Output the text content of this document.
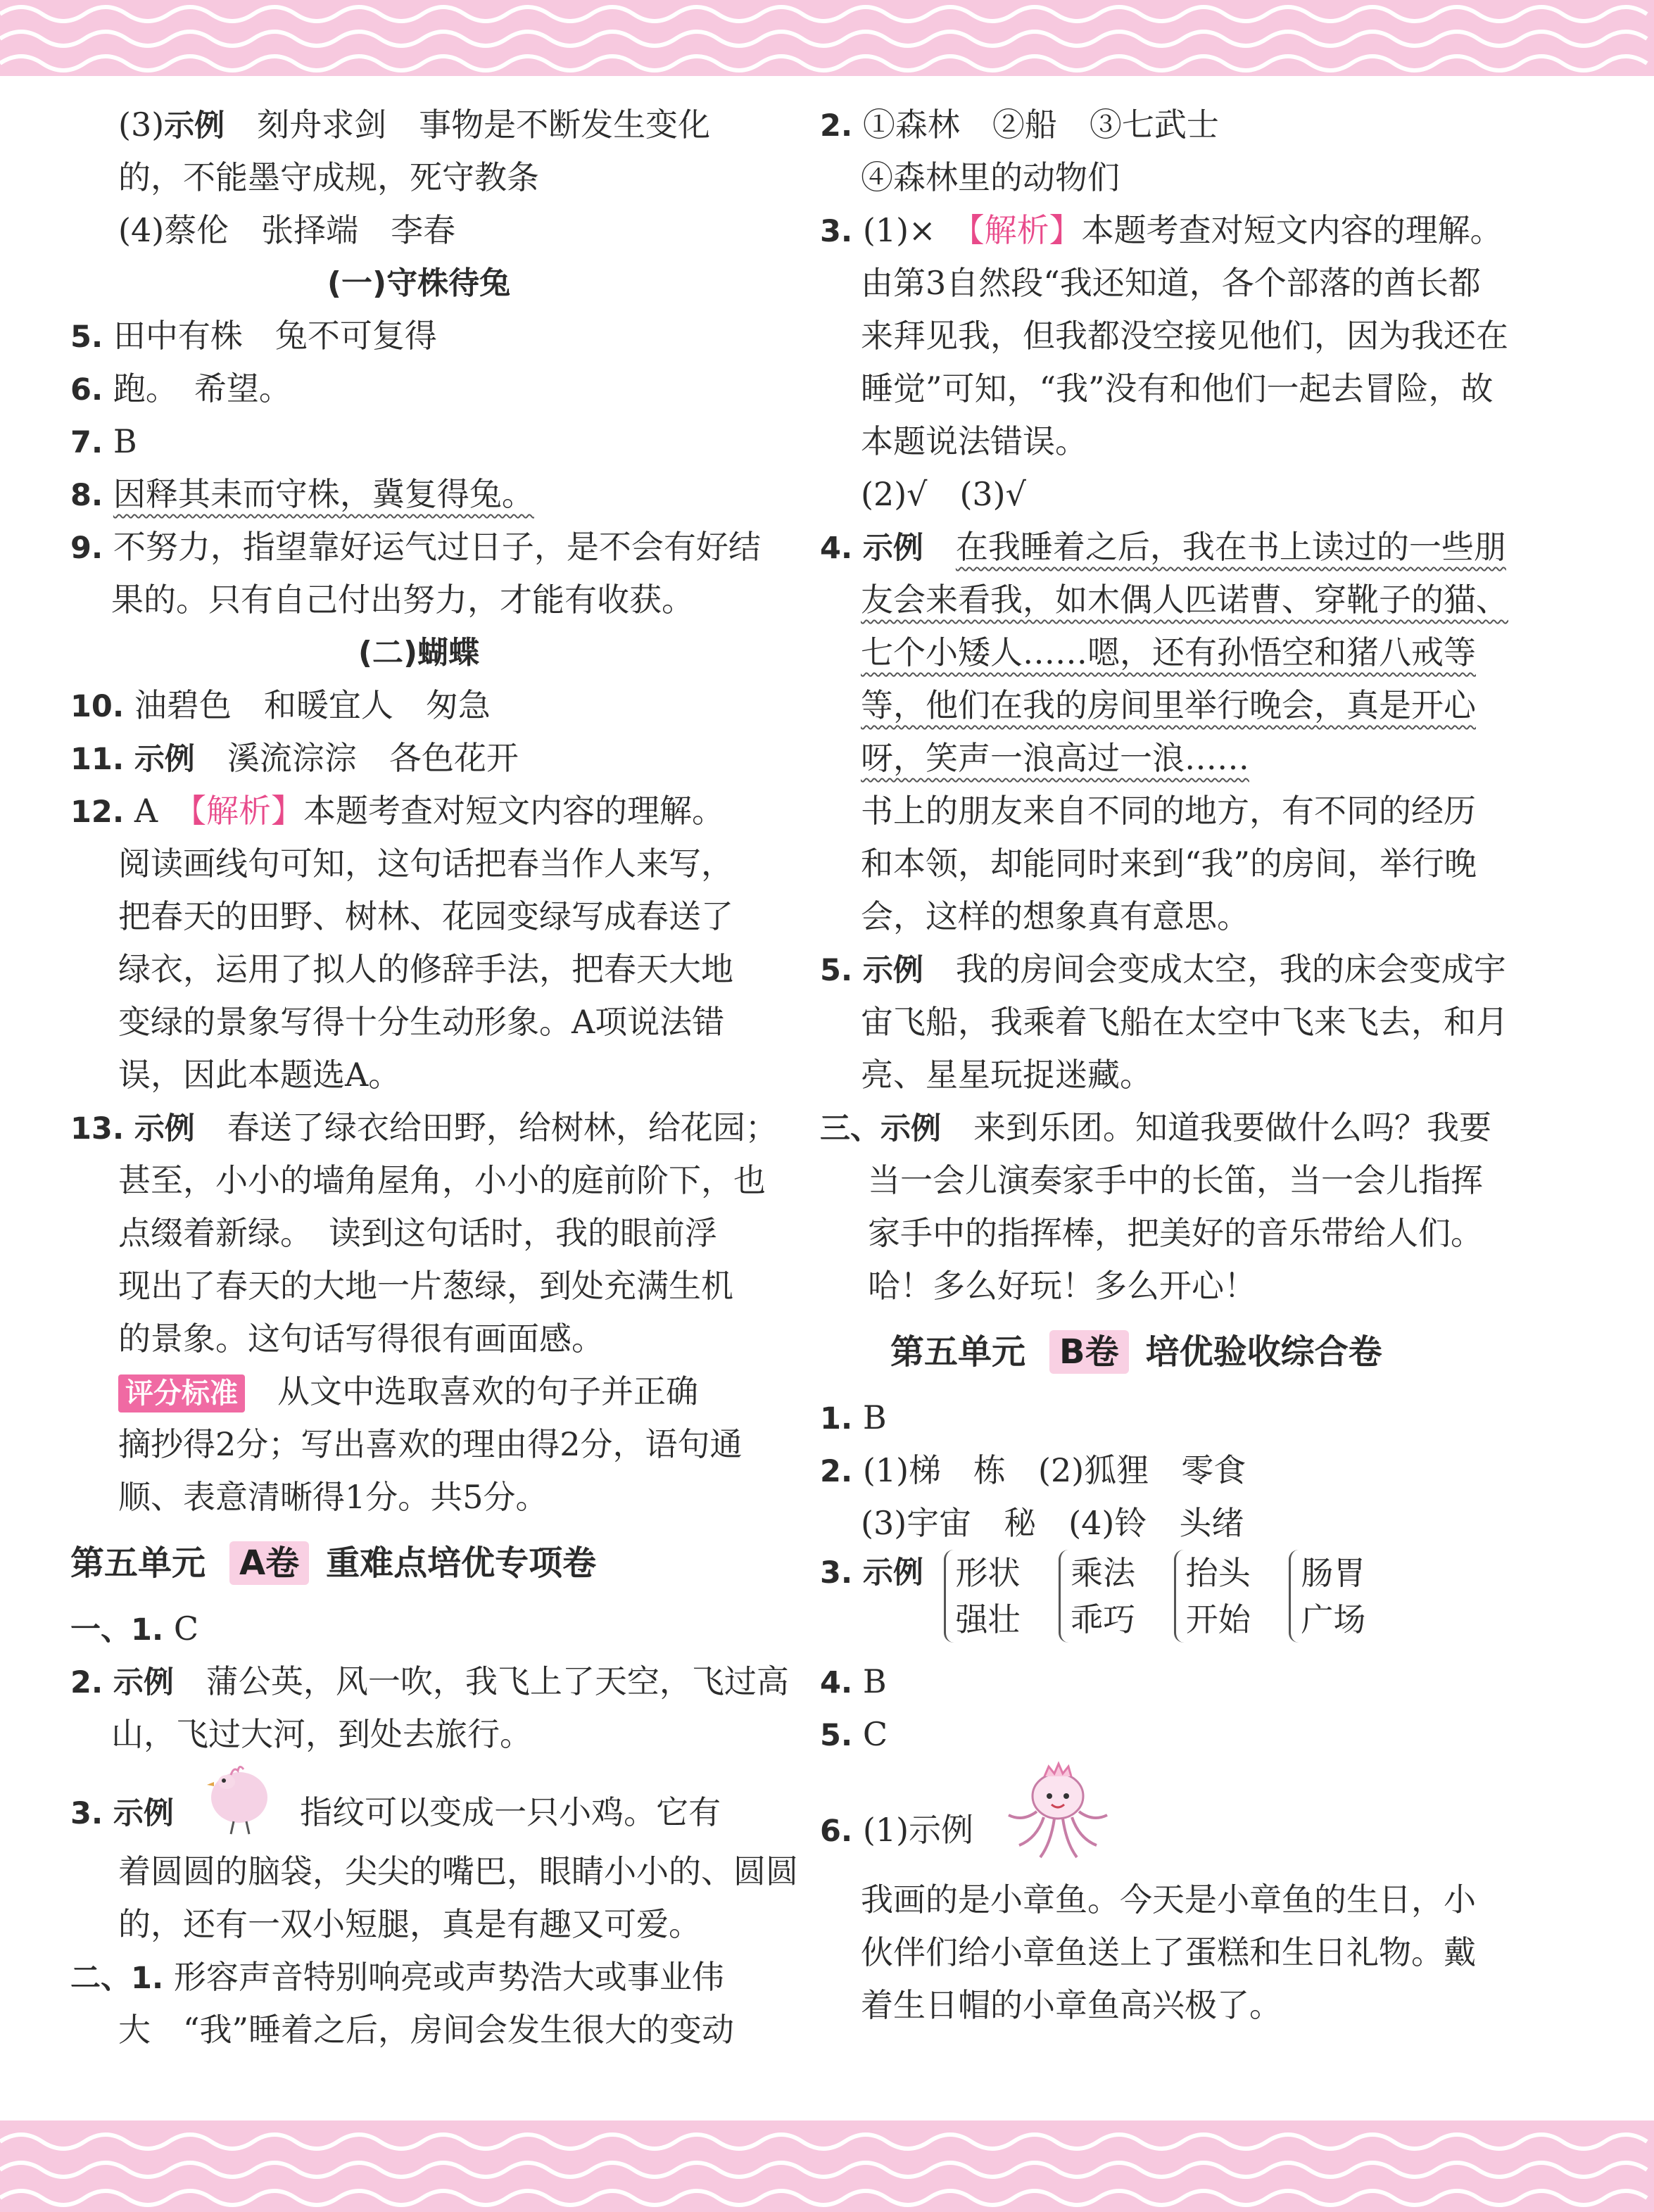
(3)示例　 刻舟求剑　事物是不断发生变化
的，不能墨守成规，死守教条
(4)蔡伦　张择端　李春
(一)守株待兔
5. 田中有株　兔不可复得
6. 跑。　希望。
7. B
8. 因释其耒而守株，冀复得兔。
9. 不努力，指望靠好运气过日子，是不会有好结
果的。只有自己付出努力，才能有收获。
(二)蝴蝶
10. 油碧色　和暖宜人　匆急
11. 示例　 溪流淙淙　各色花开
12. A　 【解析】本题考查对短文内容的理解。
阅读画线句可知，这句话把春当作人来写，
把春天的田野、树林、花园变绿写成春送了
绿衣，运用了拟人的修辞手法，把春天大地
变绿的景象写得十分生动形象。A项说法错
误，因此本题选A。
13. 示例　 春送了绿衣给田野，给树林，给花园；
甚至，小小的墙角屋角，小小的庭前阶下，也
点缀着新绿。　读到这句话时，我的眼前浮
现出了春天的大地一片葱绿，到处充满生机
的景象。这句话写得很有画面感。
评分标准　 从文中选取喜欢的句子并正确
摘抄得2分；写出喜欢的理由得2分，语句通
顺、表意清晰得1分。共5分。
第五单元 A卷 重难点培优专项卷
一、1. C
2. 示例　 蒲公英，风一吹，我飞上了天空，飞过高
山，飞过大河，到处去旅行。
3. 示例	指纹可以变成一只小鸡。它有
着圆圆的脑袋，尖尖的嘴巴，眼睛小小的、圆圆
的，还有一双小短腿，真是有趣又可爱。
二、1. 形容声音特别响亮或声势浩大或事业伟
大　“我”睡着之后，房间会发生很大的变动
2. ①森林　②船　③七武士
④森林里的动物们
3. (1)×　 【解析】本题考查对短文内容的理解。
由第3自然段“我还知道，各个部落的酋长都
来拜见我，但我都没空接见他们，因为我还在
睡觉”可知，“我”没有和他们一起去冒险，故
本题说法错误。
(2)√　(3)√
4. 示例　 在我睡着之后，我在书上读过的一些朋
友会来看我，如木偶人匹诺曹、穿靴子的猫、
七个小矮人……嗯，还有孙悟空和猪八戒等
等，他们在我的房间里举行晚会，真是开心
呀，笑声一浪高过一浪……
书上的朋友来自不同的地方，有不同的经历
和本领，却能同时来到“我”的房间，举行晚
会，这样的想象真有意思。
5. 示例　 我的房间会变成太空，我的床会变成宇
宙飞船，我乘着飞船在太空中飞来飞去，和月
亮、星星玩捉迷藏。
三、示例　 来到乐团。知道我要做什么吗？我要
当一会儿演奏家手中的长笛，当一会儿指挥
家手中的指挥棒，把美好的音乐带给人们。
哈！多么好玩！多么开心！
第五单元 B卷 培优验收综合卷
1. B
2. (1)梯　栋　(2)狐狸　零食
(3)宇宙　秘　(4)铃　头绪
3. 示例 形状
强壮 乘法
乖巧 抬头
开始 肠胃
广场
4. B
5. C
6. (1)示例
我画的是小章鱼。今天是小章鱼的生日，小
伙伴们给小章鱼送上了蛋糕和生日礼物。戴
着生日帽的小章鱼高兴极了。
